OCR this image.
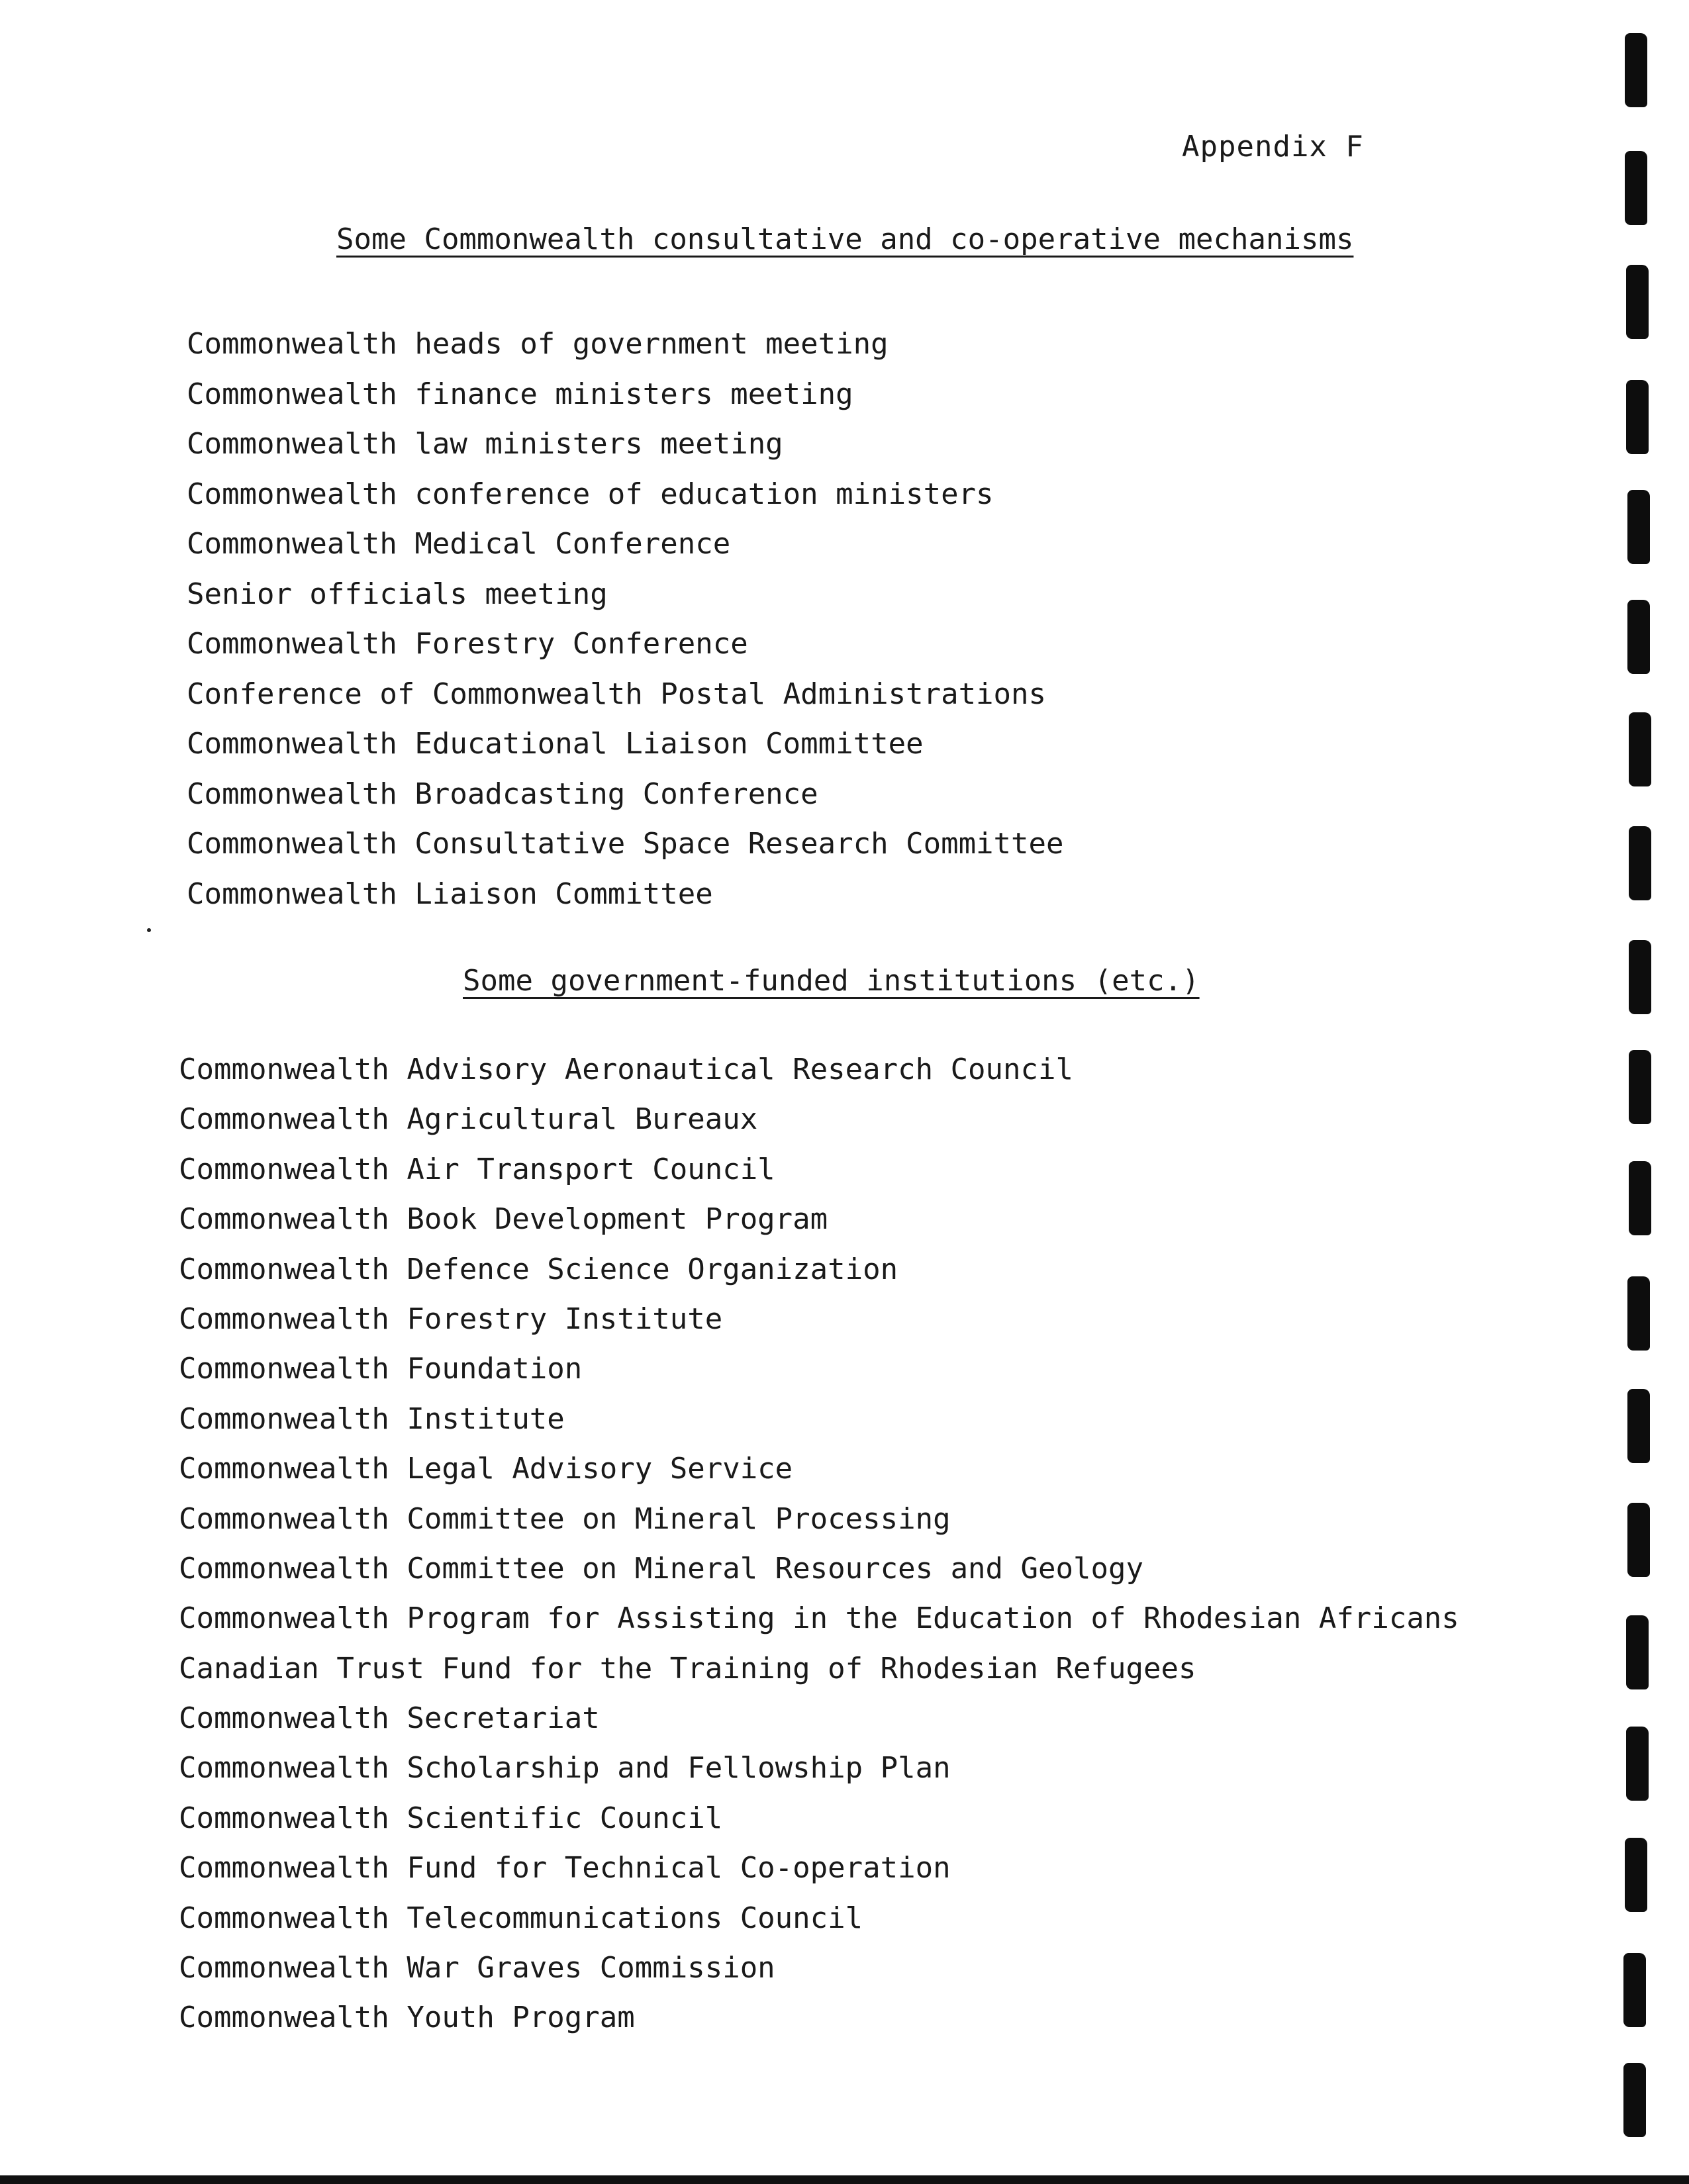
Appendix F
Some Commonwealth consultative and co-operative mechanisms
Commonwealth heads of government meeting
Commonwealth finance ministers meeting
Commonwealth law ministers meeting
Commonwealth conference of education ministers
Commonwealth Medical Conference
Senior officials meeting
Commonwealth Forestry Conference
Conference of Commonwealth Postal Administrations
Commonwealth Educational Liaison Committee
Commonwealth Broadcasting Conference
Commonwealth Consultative Space Research Committee
Commonwealth Liaison Committee
Some government-funded institutions (etc.)
Commonwealth Advisory Aeronautical Research Council
Commonwealth Agricultural Bureaux
Commonwealth Air Transport Council
Commonwealth Book Development Program
Commonwealth Defence Science Organization
Commonwealth Forestry Institute
Commonwealth Foundation
Commonwealth Institute
Commonwealth Legal Advisory Service
Commonwealth Committee on Mineral Processing
Commonwealth Committee on Mineral Resources and Geology
Commonwealth Program for Assisting in the Education of Rhodesian Africans
Canadian Trust Fund for the Training of Rhodesian Refugees
Commonwealth Secretariat
Commonwealth Scholarship and Fellowship Plan
Commonwealth Scientific Council
Commonwealth Fund for Technical Co-operation
Commonwealth Telecommunications Council
Commonwealth War Graves Commission
Commonwealth Youth Program
